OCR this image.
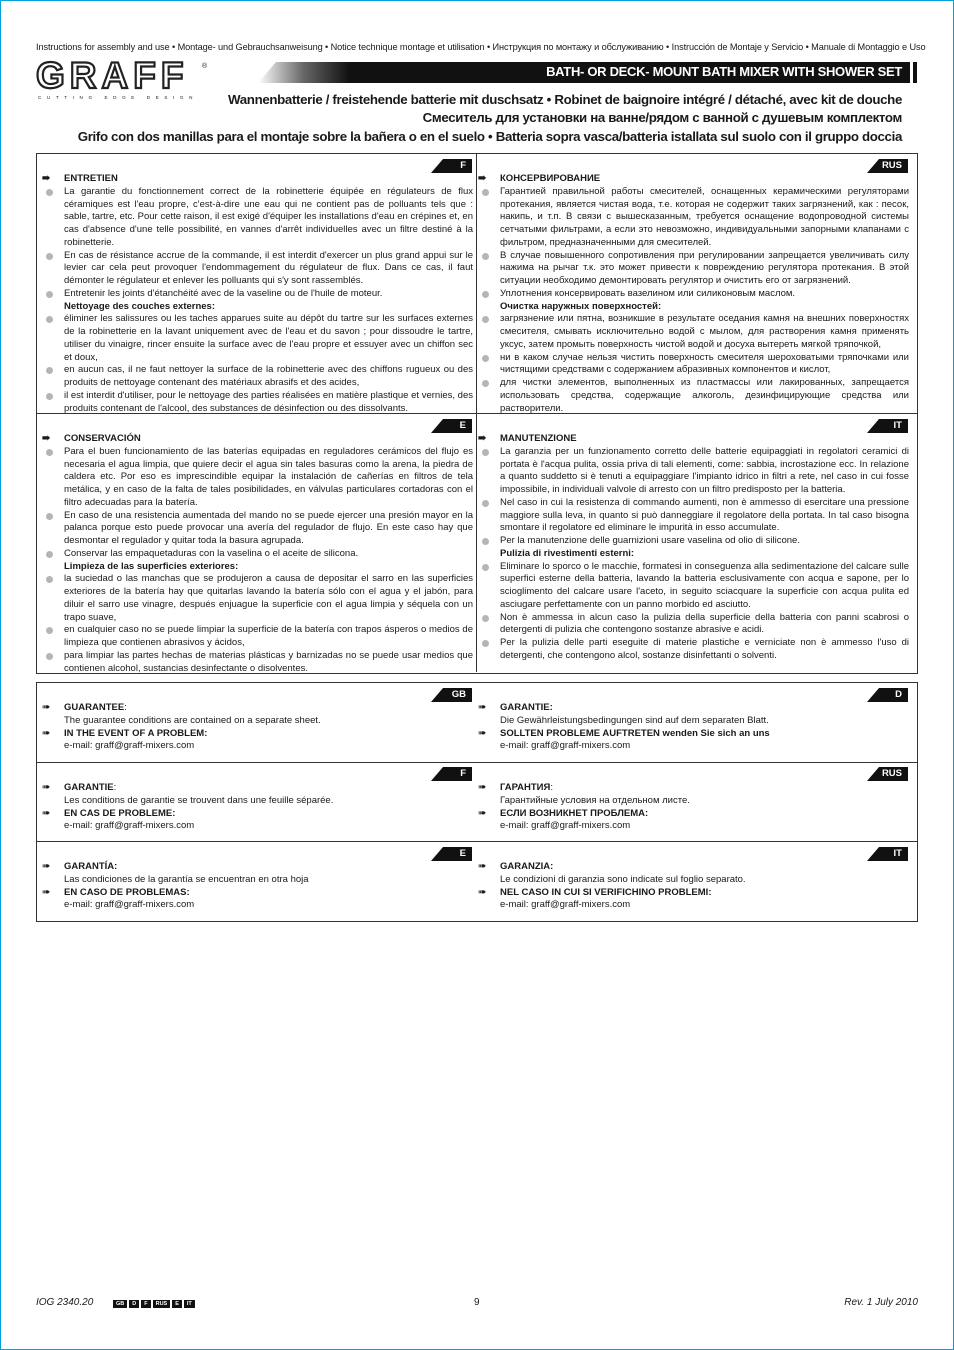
Instructions for assembly and use • Montage- und Gebrauchsanweisung • Notice technique montage et utilisation • Инструкция по монтажу и обслуживанию • Instrucción de Montaje y Servicio • Manuale di Montaggio e Uso
GRAFF ®
CUTTING EDGE DESIGN
BATH- OR DECK- MOUNT BATH MIXER WITH SHOWER SET
Wannenbatterie / freistehende batterie mit duschsatz • Robinet de baignoire intégré / détaché, avec kit de douche
Смеситель для установки на ванне/рядом с ванной с душевым комплектом
Grifo con dos manillas para el montaje sobre la bañera o en el suelo • Batteria sopra vasca/batteria istallata sul suolo con il gruppo doccia
F	RUS
E	IT

➠ ENTRETIEN

La garantie du fonctionnement correct de la robinetterie équipée en régulateurs de flux céramiques est l'eau propre, c'est-à-dire une eau qui ne contient pas de polluants tels que : sable, tartre, etc. Pour cette raison, il est exigé d'équiper les installations d'eau en crépines et, en cas d'absence d'une telle possibilité, en vannes d'arrêt individuelles avec un filtre destiné à la robinetterie.

En cas de résistance accrue de la commande, il est interdit d'exercer un plus grand appui sur le levier car cela peut provoquer l'endommagement du régulateur de flux. Dans ce cas, il faut démonter le régulateur et enlever les polluants qui s'y sont rassemblés.

Entretenir les joints d'étanchéité avec de la vaseline ou de l'huile de moteur.

Nettoyage des couches externes:

éliminer les salissures ou les taches apparues suite au dépôt du tartre sur les surfaces externes de la robinetterie en la lavant uniquement avec de l'eau et du savon ; pour dissoudre le tartre, utiliser du vinaigre, rincer ensuite la surface avec de l'eau propre et essuyer avec un chiffon sec et doux,

en aucun cas, il ne faut nettoyer la surface de la robinetterie avec des chiffons rugueux ou des produits de nettoyage contenant des matériaux abrasifs et des acides,

il est interdit d'utiliser, pour le nettoyage des parties réalisées en matière plastique et vernies, des produits contenant de l'alcool, des substances de désinfection ou des dissolvants.

➠ КОНСЕРВИРОВАНИЕ

Гарантией правильной работы смесителей, оснащенных керамическими регуляторами протекания, является чистая вода, т.е. которая не содержит таких загрязнений, как : песок, накипь, и т.п. В связи с вышесказанным, требуется оснащение водопроводной системы сетчатыми фильтрами, а если это невозможно, индивидуальными запорными клапанами с фильтром, предназначенными для смесителей.

В случае повышенного сопротивления при регулировании запрещается увеличивать силу нажима на рычаг т.к. это может привести к повреждению регулятора протекания. В этой ситуации необходимо демонтировать регулятор и очистить его от загрязнений.

Уплотнения консервировать вазелином или силиконовым маслом.

Очистка наружных поверхностей:

загрязнение или пятна, возникшие в результате оседания камня на внешних поверхностях смесителя, смывать исключительно водой с мылом, для растворения камня применять уксус, затем промыть поверхность чистой водой и досуха вытереть мягкой тряпочкой,

ни в каком случае нельзя чистить поверхность смесителя шероховатыми тряпочками или чистящими средствами с содержанием абразивных компонентов и кислот,

для чистки элементов, выполненных из пластмассы или лакированных, запрещается использовать средства, содержащие алкоголь, дезинфицирующие средства или растворители.

➠ CONSERVACIÓN

Para el buen funcionamiento de las baterías equipadas en reguladores cerámicos del flujo es necesaria el agua limpia, que quiere decir el agua sin tales basuras como la arena, la piedra de caldera etc. Por eso es imprescindible equipar la instalación de cañerías en filtros de tela metálica, y en caso de la falta de tales posibilidades, en válvulas particulares cortadoras con el filtro adecuadas para la batería.

En caso de una resistencia aumentada del mando no se puede ejercer una presión mayor en la palanca porque esto puede provocar una avería del regulador de flujo. En este caso hay que desmontar el regulador y quitar toda la basura agrupada.

Conservar las empaquetaduras con la vaselina o el aceite de silicona.

Limpieza de las superficies exteriores:

la suciedad o las manchas que se produjeron a causa de depositar el sarro en las superficies exteriores de la batería hay que quitarlas lavando la batería sólo con el agua y el jabón, para diluir el sarro use vinagre, después enjuague la superficie con el agua limpia y séquela con un trapo suave,

en cualquier caso no se puede limpiar la superficie de la batería con trapos ásperos o medios de limpieza que contienen abrasivos y ácidos,

para limpiar las partes hechas de materias plásticas y barnizadas no se puede usar medios que contienen alcohol, sustancias desinfectante o disolventes.

➠ MANUTENZIONE

La garanzia per un funzionamento corretto delle batterie equipaggiati in regolatori ceramici di portata è l'acqua pulita, ossia priva di tali elementi, come: sabbia, incrostazione ecc. In relazione a quanto suddetto si è tenuti a equipaggiare l'impianto idrico in filtri a rete, nel caso in cui fosse impossibile, in individuali valvole di arresto con un filtro predisposto per la batteria.

Nel caso in cui la resistenza di commando aumenti, non è ammesso di esercitare una pressione maggiore sulla leva, in quanto si può danneggiare il regolatore della portata. In tal caso bisogna smontare il regolatore ed eliminare le impurità in esso accumulate.

Per la manutenzione delle guarnizioni usare vaselina od olio di silicone.

Pulizia di rivestimenti esterni:

Eliminare lo sporco o le macchie, formatesi in conseguenza alla sedimentazione del calcare sulle superfici esterne della batteria, lavando la batteria esclusivamente con acqua e sapone, per lo scioglimento del calcare usare l'aceto, in seguito sciacquare la superficie con acqua pulita ed asciugare perfettamente con un panno morbido ed asciutto.

Non è ammessa in alcun caso la pulizia della superficie della batteria con panni scabrosi o detergenti di pulizia che contengono sostanze abrasive e acidi.

Per la pulizia delle parti eseguite di materie plastiche e verniciate non è ammesso l'uso di detergenti, che contengono alcol, sostanze disinfettanti o solventi.

GB	D
F	RUS
E	IT

➠ GUARANTEE:

The guarantee conditions are contained on a separate sheet.

➠ IN THE EVENT OF A PROBLEM:

e-mail: graff@graff-mixers.com

➠ GARANTIE:

Die Gewährleistungsbedingungen sind auf dem separaten Blatt.

➠ SOLLTEN PROBLEME AUFTRETEN wenden Sie sich an uns

e-mail: graff@graff-mixers.com

➠ GARANTIE:

Les conditions de garantie se trouvent dans une feuille séparée.

➠ EN CAS DE PROBLEME:

e-mail: graff@graff-mixers.com

➠ ГАРАНТИЯ:

Гарантийные условия на отдельном листе.

➠ ЕСЛИ ВОЗНИКНЕТ ПРОБЛЕМА:

e-mail: graff@graff-mixers.com

➠ GARANTÍA:

Las condiciones de la garantía se encuentran en otra hoja

➠ EN CASO DE PROBLEMAS:

e-mail: graff@graff-mixers.com

➠ GARANZIA:

Le condizioni di garanzia sono indicate sul foglio separato.

➠ NEL CASO IN CUI SI VERIFICHINO PROBLEMI:

e-mail: graff@graff-mixers.com

IOG 2340.20	GB	D	F	RUS	E	IT	9	Rev. 1 July 2010
